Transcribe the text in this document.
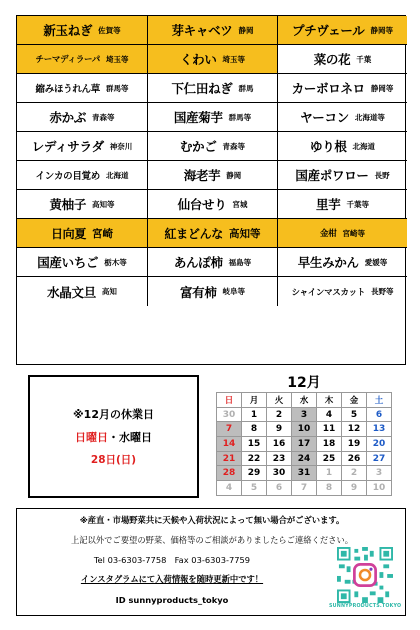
新玉ねぎ 佐賀等	芽キャベツ 静岡	プチヴェール 静岡等
チーマディラーパ 埼玉等	くわい 埼玉等	菜の花 千葉
縮みほうれん草 群馬等	下仁田ねぎ 群馬	カーボロネロ 静岡等
赤かぶ 青森等	国産菊芋 群馬等	ヤーコン 北海道等
レディサラダ 神奈川	むかご 青森等	ゆり根 北海道
インカの目覚め 北海道	海老芋 静岡	国産ポワロー 長野
黄柚子 高知等	仙台せり 宮城	里芋 千葉等
日向夏 宮崎	紅まどんな 高知等	金柑 宮崎等
国産いちご 栃木等	あんぽ柿 福島等	早生みかん 愛媛等
水晶文旦 高知	富有柿 岐阜等	シャインマスカット 長野等
※12月の休業日
日曜日・水曜日
28日(日)
12月
日	月	火	水	木	金	土
30	1	2	3	4	5	6
7	8	9	10	11	12	13
14	15	16	17	18	19	20
21	22	23	24	25	26	27
28	29	30	31	1	2	3
4	5	6	7	8	9	10
※産直・市場野菜共に天候や入荷状況によって無い場合がございます。
上記以外でご要望の野菜、価格等のご相談がありましたらご連絡ください。
Tel 03-6303-7758　Fax 03-6303-7759
インスタグラムにて入荷情報を随時更新中です！
ID sunnyproducts_tokyo
SUNNYPRODUCTS.TOKYO
